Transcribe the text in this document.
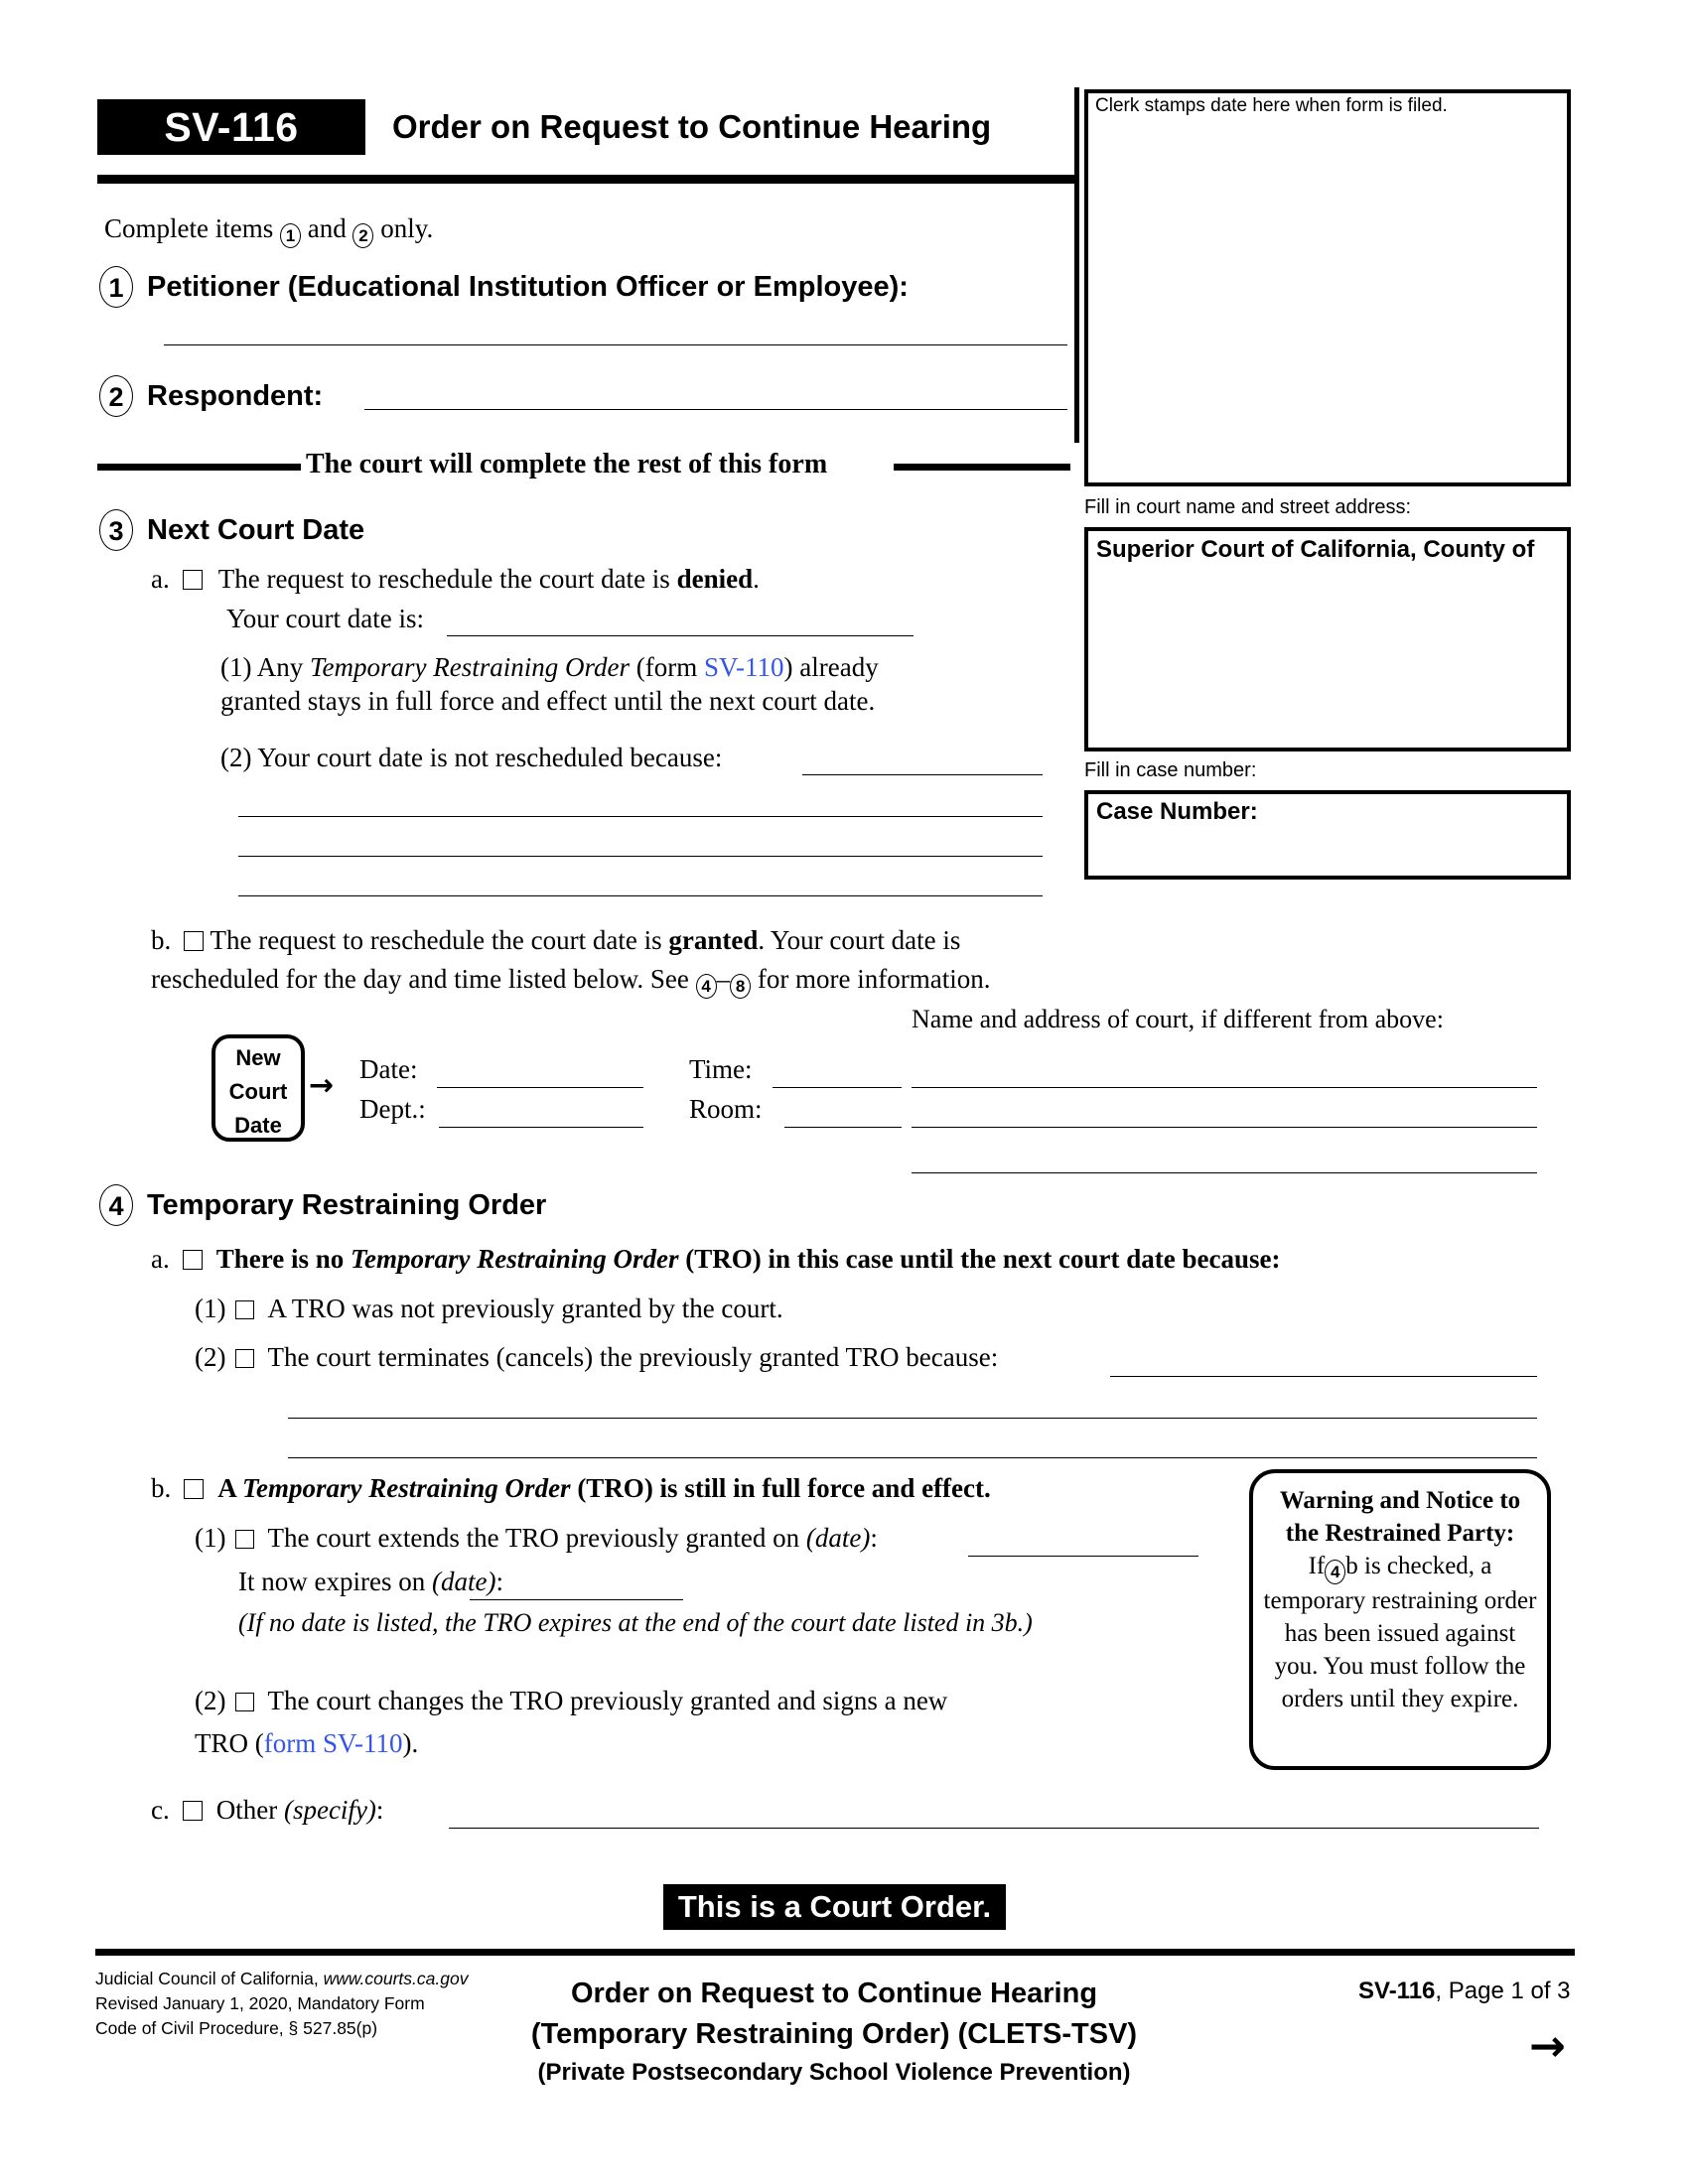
SV-116	Order on Request to Continue Hearing
Clerk stamps date here when form is filed.
Fill in court name and street address:
Superior Court of California, County of
Fill in case number:
Case Number:
Complete items 1 and 2 only.
1 Petitioner (Educational Institution Officer or Employee):
2 Respondent:
The court will complete the rest of this form
3 Next Court Date
a. The request to reschedule the court date is denied.
Your court date is:
(1) Any Temporary Restraining Order (form SV-110) already granted stays in full force and effect until the next court date.
(2) Your court date is not rescheduled because:
b. The request to reschedule the court date is granted. Your court date is rescheduled for the day and time listed below. See 4 – 8 for more information.
Name and address of court, if different from above:
New
Court
Date
→ Date:	Time:
Dept.:	Room:
4 Temporary Restraining Order
a. There is no Temporary Restraining Order (TRO) in this case until the next court date because:
(1) A TRO was not previously granted by the court.
(2) The court terminates (cancels) the previously granted TRO because:
b. A Temporary Restraining Order (TRO) is still in full force and effect.
(1) The court extends the TRO previously granted on (date):
It now expires on (date):
(If no date is listed, the TRO expires at the end of the court date listed in 3b.)
(2) The court changes the TRO previously granted and signs a new TRO (form SV-110).
c. Other (specify):
Warning and Notice to
the Restrained Party:
If 4 b is checked, a temporary restraining order has been issued against you. You must follow the orders until they expire.
This is a Court Order.
Judicial Council of California, www.courts.ca.gov
Revised January 1, 2020, Mandatory Form
Code of Civil Procedure, § 527.85(p)
Order on Request to Continue Hearing
(Temporary Restraining Order) (CLETS-TSV)
(Private Postsecondary School Violence Prevention)
SV-116, Page 1 of 3
→
